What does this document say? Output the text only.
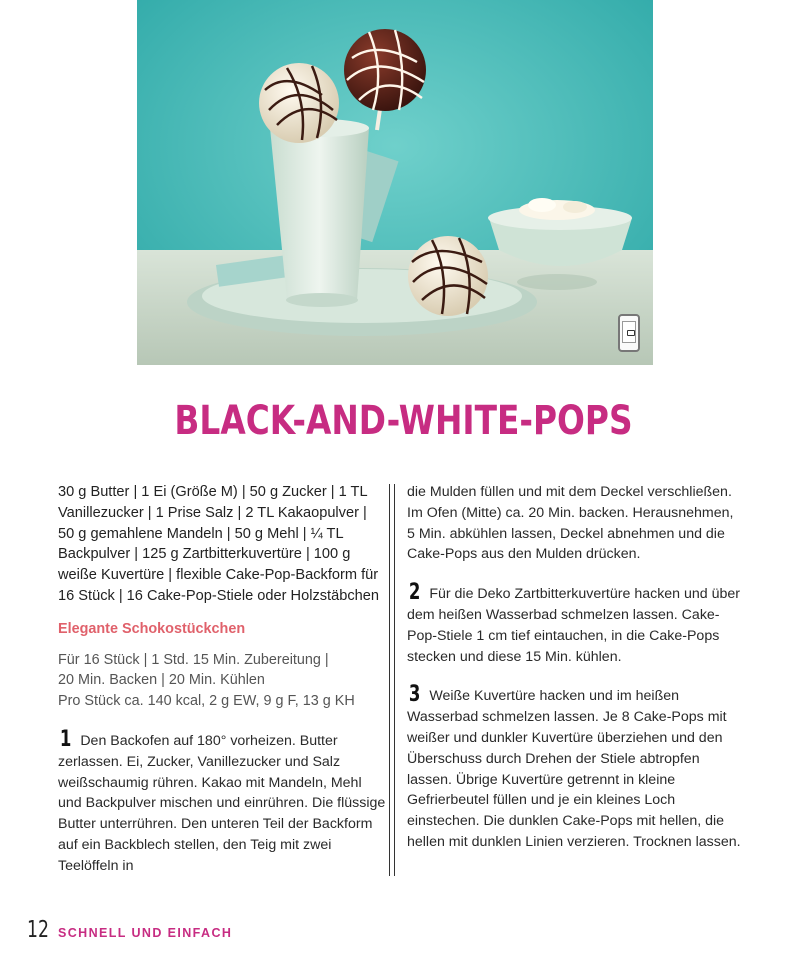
BLACK-AND-WHITE-POPS

30 g Butter | 1 Ei (Größe M) | 50 g Zucker | 1 TL Vanillezucker | 1 Prise Salz | 2 TL Kakaopulver | 50 g gemahlene Mandeln | 50 g Mehl | ¼ TL Backpulver | 125 g Zartbitterkuvertüre | 100 g weiße Kuvertüre | flexible Cake-Pop-Backform für 16 Stück | 16 Cake-Pop-Stiele oder Holzstäbchen

Elegante Schokostückchen

Für 16 Stück | 1 Std. 15 Min. Zubereitung |
20 Min. Backen | 20 Min. Kühlen
Pro Stück ca. 140 kcal, 2 g EW, 9 g F, 13 g KH
1 Den Backofen auf 180° vorheizen. Butter zerlassen. Ei, Zucker, Vanillezucker und Salz weißschaumig rühren. Kakao mit Mandeln, Mehl und Backpulver mischen und einrühren. Die flüssige Butter unterrühren. Den unteren Teil der Backform auf ein Backblech stellen, den Teig mit zwei Teelöffeln in

die Mulden füllen und mit dem Deckel verschließen. Im Ofen (Mitte) ca. 20 Min. backen. Herausnehmen, 5 Min. abkühlen lassen, Deckel abnehmen und die Cake-Pops aus den Mulden drücken.

2 Für die Deko Zartbitterkuvertüre hacken und über dem heißen Wasserbad schmelzen lassen. Cake-Pop-Stiele 1 cm tief eintauchen, in die Cake-Pops stecken und diese 15 Min. kühlen.
3 Weiße Kuvertüre hacken und im heißen Wasserbad schmelzen lassen. Je 8 Cake-Pops mit weißer und dunkler Kuvertüre überziehen und den Überschuss durch Drehen der Stiele abtropfen lassen. Übrige Kuvertüre getrennt in kleine Gefrierbeutel füllen und je ein kleines Loch einstechen. Die dunklen Cake-Pops mit hellen, die hellen mit dunklen Linien verzieren. Trocknen lassen.
12 SCHNELL UND EINFACH
